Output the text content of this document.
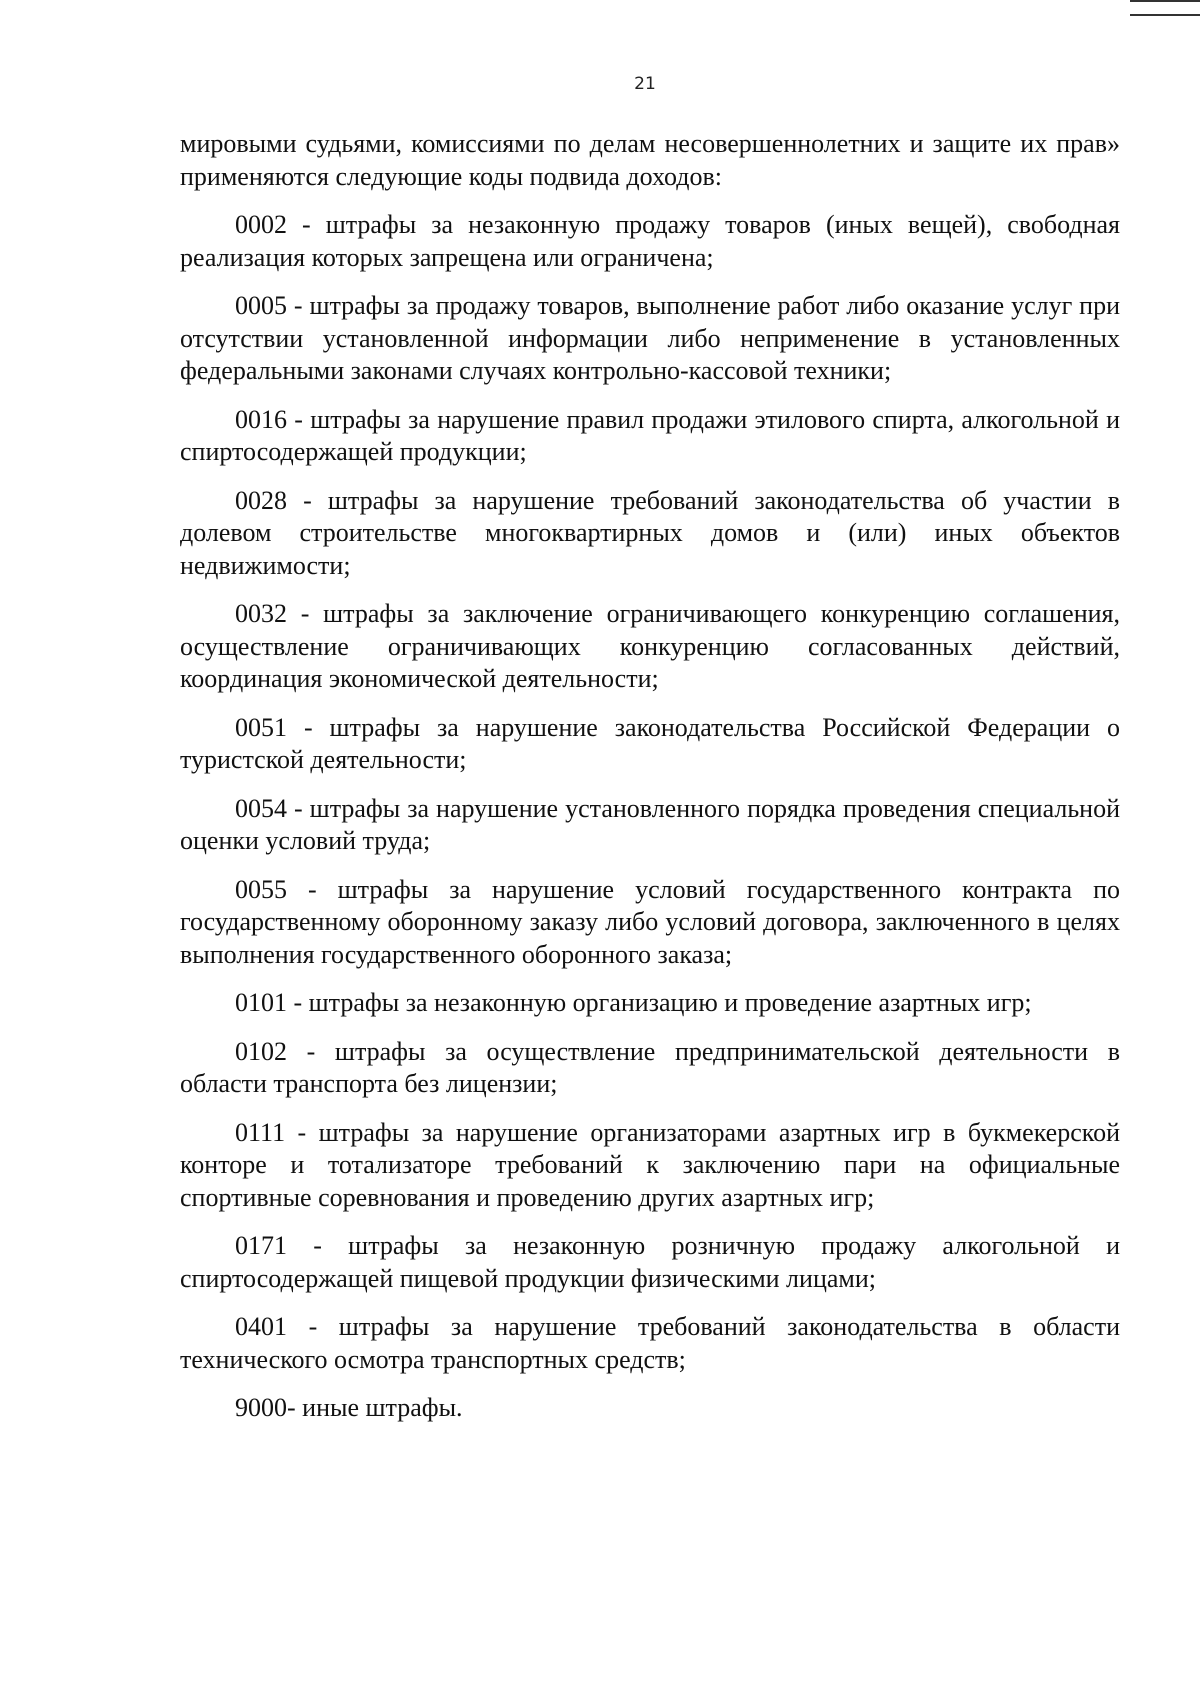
21

мировыми судьями, комиссиями по делам несовершеннолетних и защите их прав» применяются следующие коды подвида доходов:

0002 - штрафы за незаконную продажу товаров (иных вещей), свободная реализация которых запрещена или ограничена;

0005 - штрафы за продажу товаров, выполнение работ либо оказание услуг при отсутствии установленной информации либо неприменение в установленных федеральными законами случаях контрольно-кассовой техники;

0016 - штрафы за нарушение правил продажи этилового спирта, алкогольной и спиртосодержащей продукции;

0028 - штрафы за нарушение требований законодательства об участии в долевом строительстве многоквартирных домов и (или) иных объектов недвижимости;

0032 - штрафы за заключение ограничивающего конкуренцию соглашения, осуществление ограничивающих конкуренцию согласованных действий, координация экономической деятельности;

0051 - штрафы за нарушение законодательства Российской Федерации о туристской деятельности;

0054 - штрафы за нарушение установленного порядка проведения специальной оценки условий труда;

0055 - штрафы за нарушение условий государственного контракта по государственному оборонному заказу либо условий договора, заключенного в целях выполнения государственного оборонного заказа;

0101 - штрафы за незаконную организацию и проведение азартных игр;

0102 - штрафы за осуществление предпринимательской деятельности в области транспорта без лицензии;

0111 - штрафы за нарушение организаторами азартных игр в букмекерской конторе и тотализаторе требований к заключению пари на официальные спортивные соревнования и проведению других азартных игр;

0171 - штрафы за незаконную розничную продажу алкогольной и спиртосодержащей пищевой продукции физическими лицами;

0401 - штрафы за нарушение требований законодательства в области технического осмотра транспортных средств;

9000- иные штрафы.
